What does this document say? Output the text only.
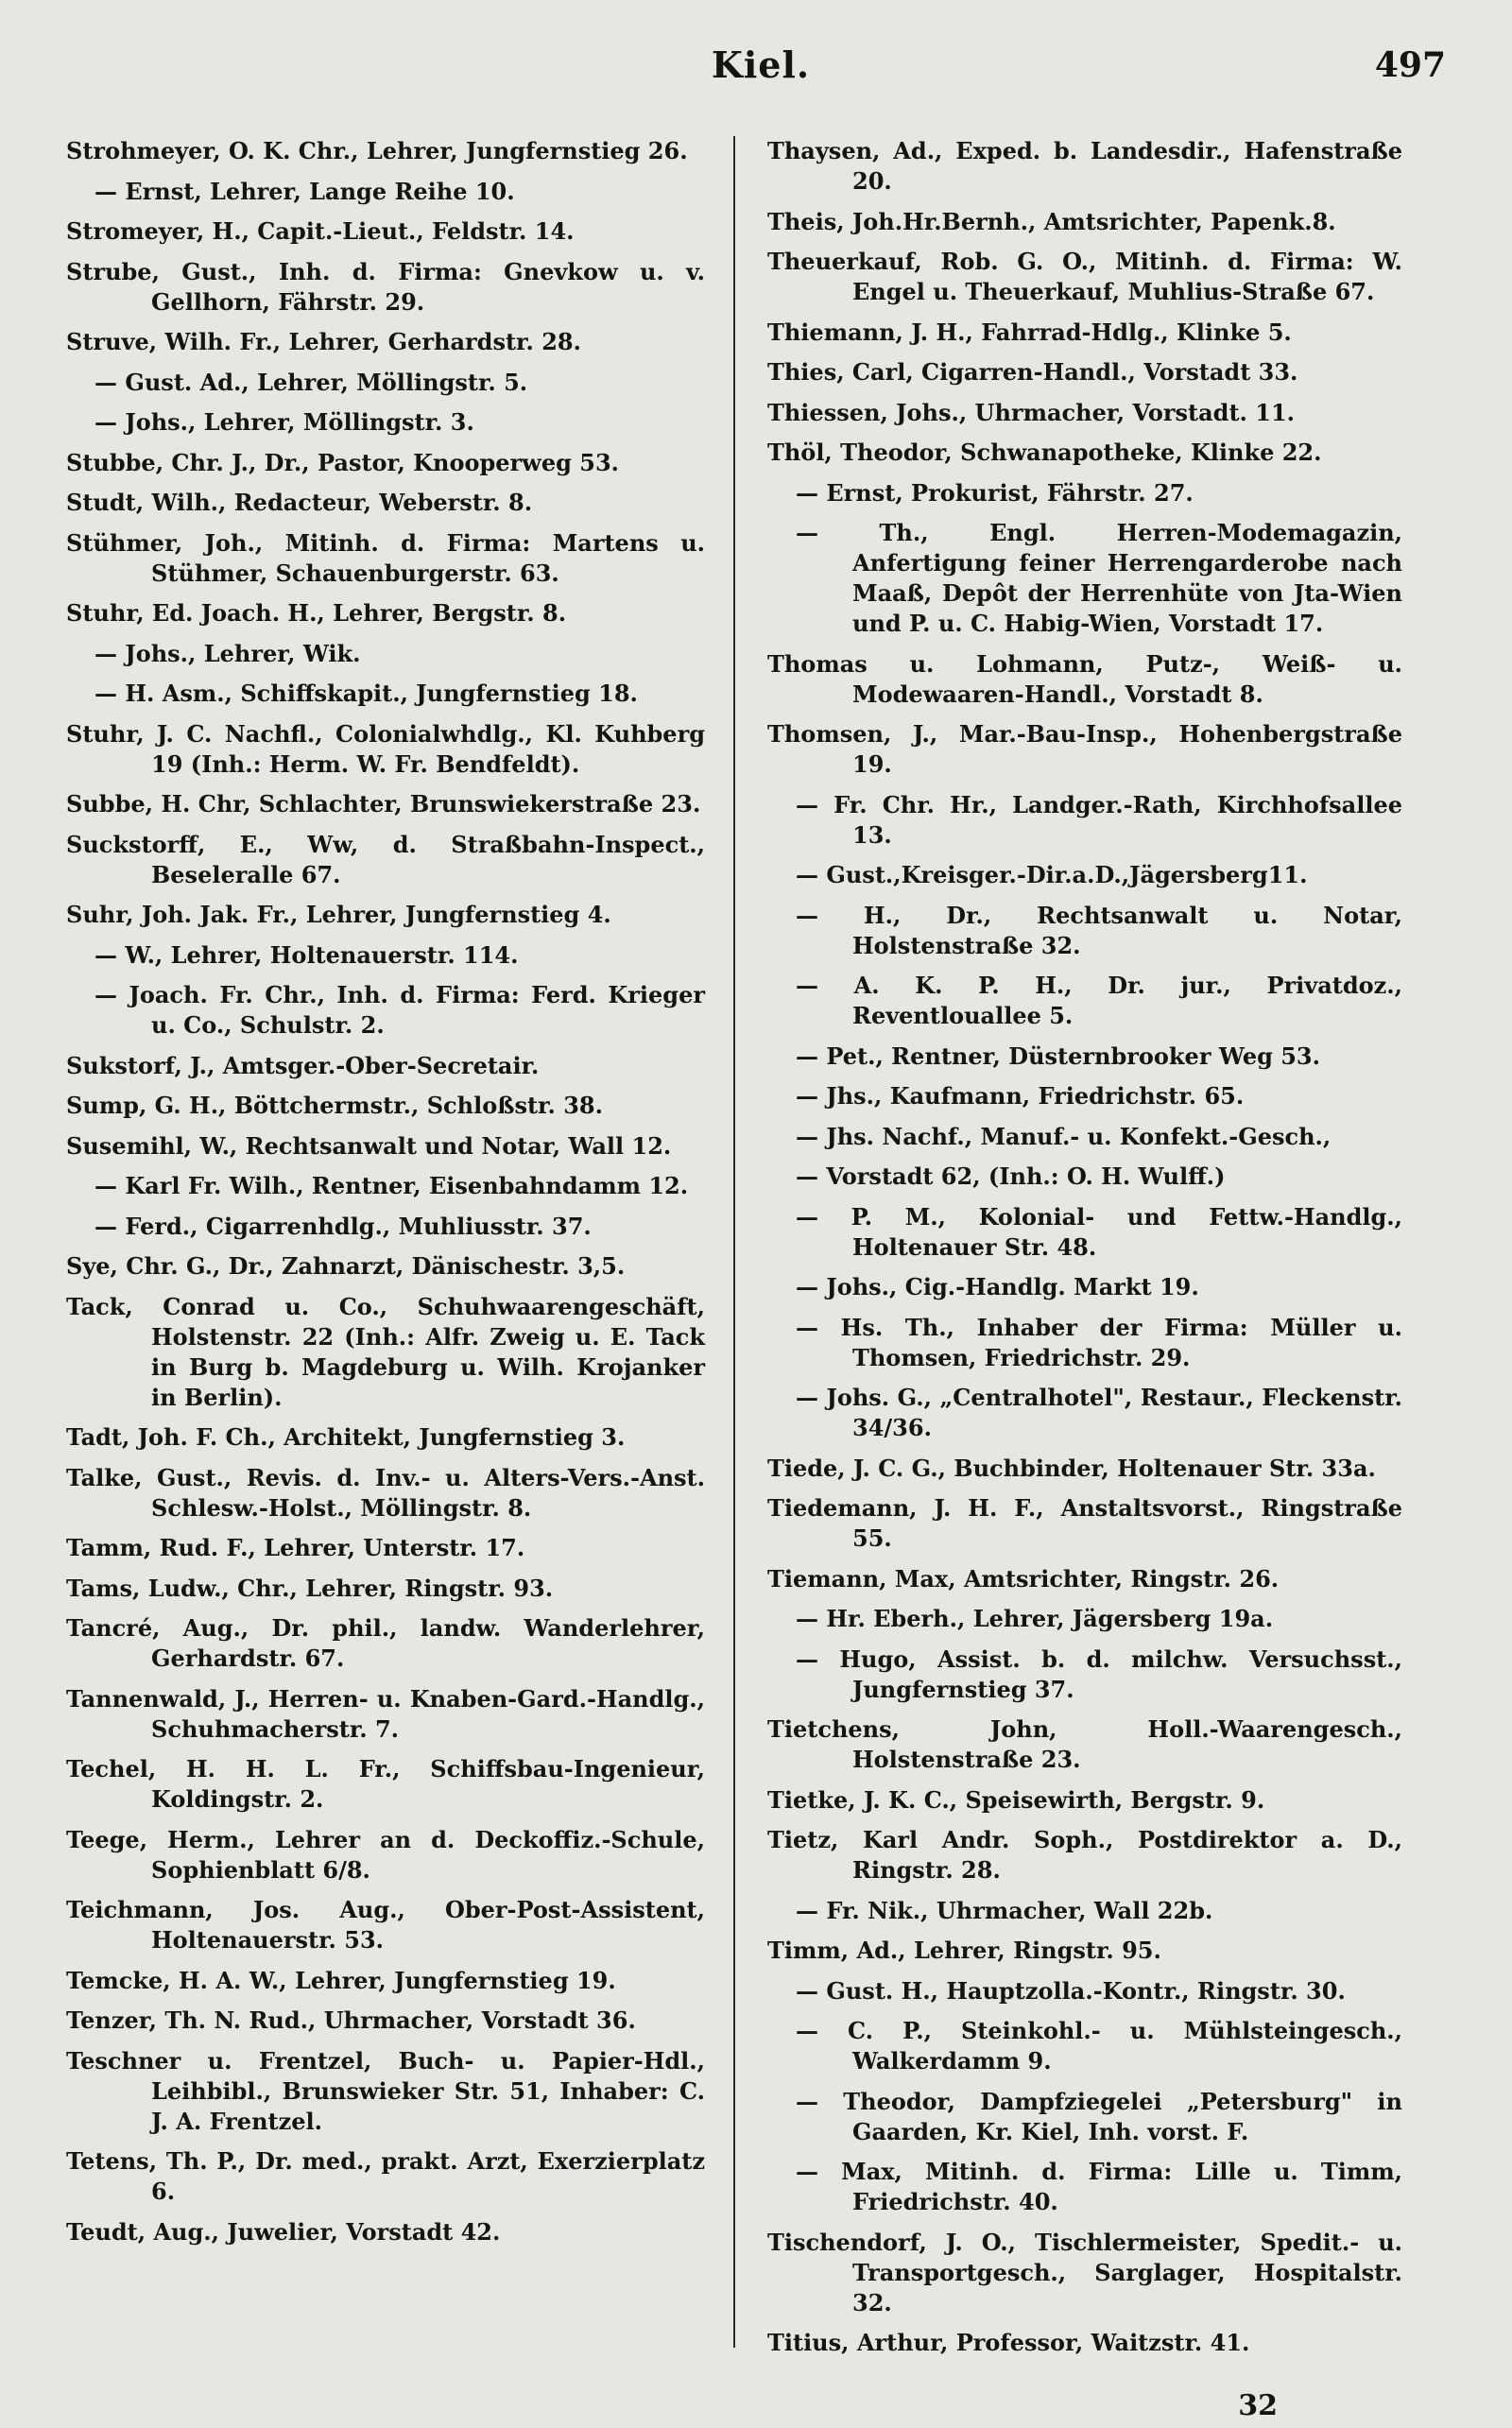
Kiel.	497

Strohmeyer, O. K. Chr., Lehrer, Jungfernstieg 26.

— Ernst, Lehrer, Lange Reihe 10.

Stromeyer, H., Capit.-Lieut., Feldstr. 14.

Strube, Gust., Inh. d. Firma: Gnevkow u. v. Gellhorn, Fährstr. 29.

Struve, Wilh. Fr., Lehrer, Gerhardstr. 28.

— Gust. Ad., Lehrer, Möllingstr. 5.

— Johs., Lehrer, Möllingstr. 3.

Stubbe, Chr. J., Dr., Pastor, Knooperweg 53.

Studt, Wilh., Redacteur, Weberstr. 8.

Stühmer, Joh., Mitinh. d. Firma: Martens u. Stühmer, Schauenburgerstr. 63.

Stuhr, Ed. Joach. H., Lehrer, Bergstr. 8.

— Johs., Lehrer, Wik.

— H. Asm., Schiffskapit., Jungfernstieg 18.

Stuhr, J. C. Nachfl., Colonialwhdlg., Kl. Kuhberg 19 (Inh.: Herm. W. Fr. Bendfeldt).

Subbe, H. Chr, Schlachter, Brunswiekerstraße 23.

Suckstorff, E., Ww, d. Straßbahn-Inspect., Beseleralle 67.

Suhr, Joh. Jak. Fr., Lehrer, Jungfernstieg 4.

— W., Lehrer, Holtenauerstr. 114.

— Joach. Fr. Chr., Inh. d. Firma: Ferd. Krieger u. Co., Schulstr. 2.

Sukstorf, J., Amtsger.-Ober-Secretair.

Sump, G. H., Böttchermstr., Schloßstr. 38.

Susemihl, W., Rechtsanwalt und Notar, Wall 12.

— Karl Fr. Wilh., Rentner, Eisenbahndamm 12.

— Ferd., Cigarrenhdlg., Muhliusstr. 37.

Sye, Chr. G., Dr., Zahnarzt, Dänischestr. 3,5.

Tack, Conrad u. Co., Schuhwaarengeschäft, Holstenstr. 22 (Inh.: Alfr. Zweig u. E. Tack in Burg b. Magdeburg u. Wilh. Krojanker in Berlin).

Tadt, Joh. F. Ch., Architekt, Jungfernstieg 3.

Talke, Gust., Revis. d. Inv.- u. Alters-Vers.-Anst. Schlesw.-Holst., Möllingstr. 8.

Tamm, Rud. F., Lehrer, Unterstr. 17.

Tams, Ludw., Chr., Lehrer, Ringstr. 93.

Tancré, Aug., Dr. phil., landw. Wanderlehrer, Gerhardstr. 67.

Tannenwald, J., Herren- u. Knaben-Gard.-Handlg., Schuhmacherstr. 7.

Techel, H. H. L. Fr., Schiffsbau-Ingenieur, Koldingstr. 2.

Teege, Herm., Lehrer an d. Deckoffiz.-Schule, Sophienblatt 6/8.

Teichmann, Jos. Aug., Ober-Post-Assistent, Holtenauerstr. 53.

Temcke, H. A. W., Lehrer, Jungfernstieg 19.

Tenzer, Th. N. Rud., Uhrmacher, Vorstadt 36.

Teschner u. Frentzel, Buch- u. Papier-Hdl., Leihbibl., Brunswieker Str. 51, Inhaber: C. J. A. Frentzel.

Tetens, Th. P., Dr. med., prakt. Arzt, Exerzierplatz 6.

Teudt, Aug., Juwelier, Vorstadt 42.

Thaysen, Ad., Exped. b. Landesdir., Hafenstraße 20.

Theis, Joh.Hr.Bernh., Amtsrichter, Papenk.8.

Theuerkauf, Rob. G. O., Mitinh. d. Firma: W. Engel u. Theuerkauf, Muhlius-Straße 67.

Thiemann, J. H., Fahrrad-Hdlg., Klinke 5.

Thies, Carl, Cigarren-Handl., Vorstadt 33.

Thiessen, Johs., Uhrmacher, Vorstadt. 11.

Thöl, Theodor, Schwanapotheke, Klinke 22.

— Ernst, Prokurist, Fährstr. 27.

— Th., Engl. Herren-Modemagazin, Anfertigung feiner Herrengarderobe nach Maaß, Depôt der Herrenhüte von Jta-Wien und P. u. C. Habig-Wien, Vorstadt 17.

Thomas u. Lohmann, Putz-, Weiß- u. Modewaaren-Handl., Vorstadt 8.

Thomsen, J., Mar.-Bau-Insp., Hohenbergstraße 19.

— Fr. Chr. Hr., Landger.-Rath, Kirchhofsallee 13.

— Gust.,Kreisger.-Dir.a.D.,Jägersberg11.

— H., Dr., Rechtsanwalt u. Notar, Holstenstraße 32.

— A. K. P. H., Dr. jur., Privatdoz., Reventlouallee 5.

— Pet., Rentner, Düsternbrooker Weg 53.

— Jhs., Kaufmann, Friedrichstr. 65.

— Jhs. Nachf., Manuf.- u. Konfekt.-Gesch.,

— Vorstadt 62, (Inh.: O. H. Wulff.)

— P. M., Kolonial- und Fettw.-Handlg., Holtenauer Str. 48.

— Johs., Cig.-Handlg. Markt 19.

— Hs. Th., Inhaber der Firma: Müller u. Thomsen, Friedrichstr. 29.

— Johs. G., „Centralhotel", Restaur., Fleckenstr. 34/36.

Tiede, J. C. G., Buchbinder, Holtenauer Str. 33a.

Tiedemann, J. H. F., Anstaltsvorst., Ringstraße 55.

Tiemann, Max, Amtsrichter, Ringstr. 26.

— Hr. Eberh., Lehrer, Jägersberg 19a.

— Hugo, Assist. b. d. milchw. Versuchsst., Jungfernstieg 37.

Tietchens, John, Holl.-Waarengesch., Holstenstraße 23.

Tietke, J. K. C., Speisewirth, Bergstr. 9.

Tietz, Karl Andr. Soph., Postdirektor a. D., Ringstr. 28.

— Fr. Nik., Uhrmacher, Wall 22b.

Timm, Ad., Lehrer, Ringstr. 95.

— Gust. H., Hauptzolla.-Kontr., Ringstr. 30.

— C. P., Steinkohl.- u. Mühlsteingesch., Walkerdamm 9.

— Theodor, Dampfziegelei „Petersburg" in Gaarden, Kr. Kiel, Inh. vorst. F.

— Max, Mitinh. d. Firma: Lille u. Timm, Friedrichstr. 40.

Tischendorf, J. O., Tischlermeister, Spedit.- u. Transportgesch., Sarglager, Hospitalstr. 32.

Titius, Arthur, Professor, Waitzstr. 41.

32
